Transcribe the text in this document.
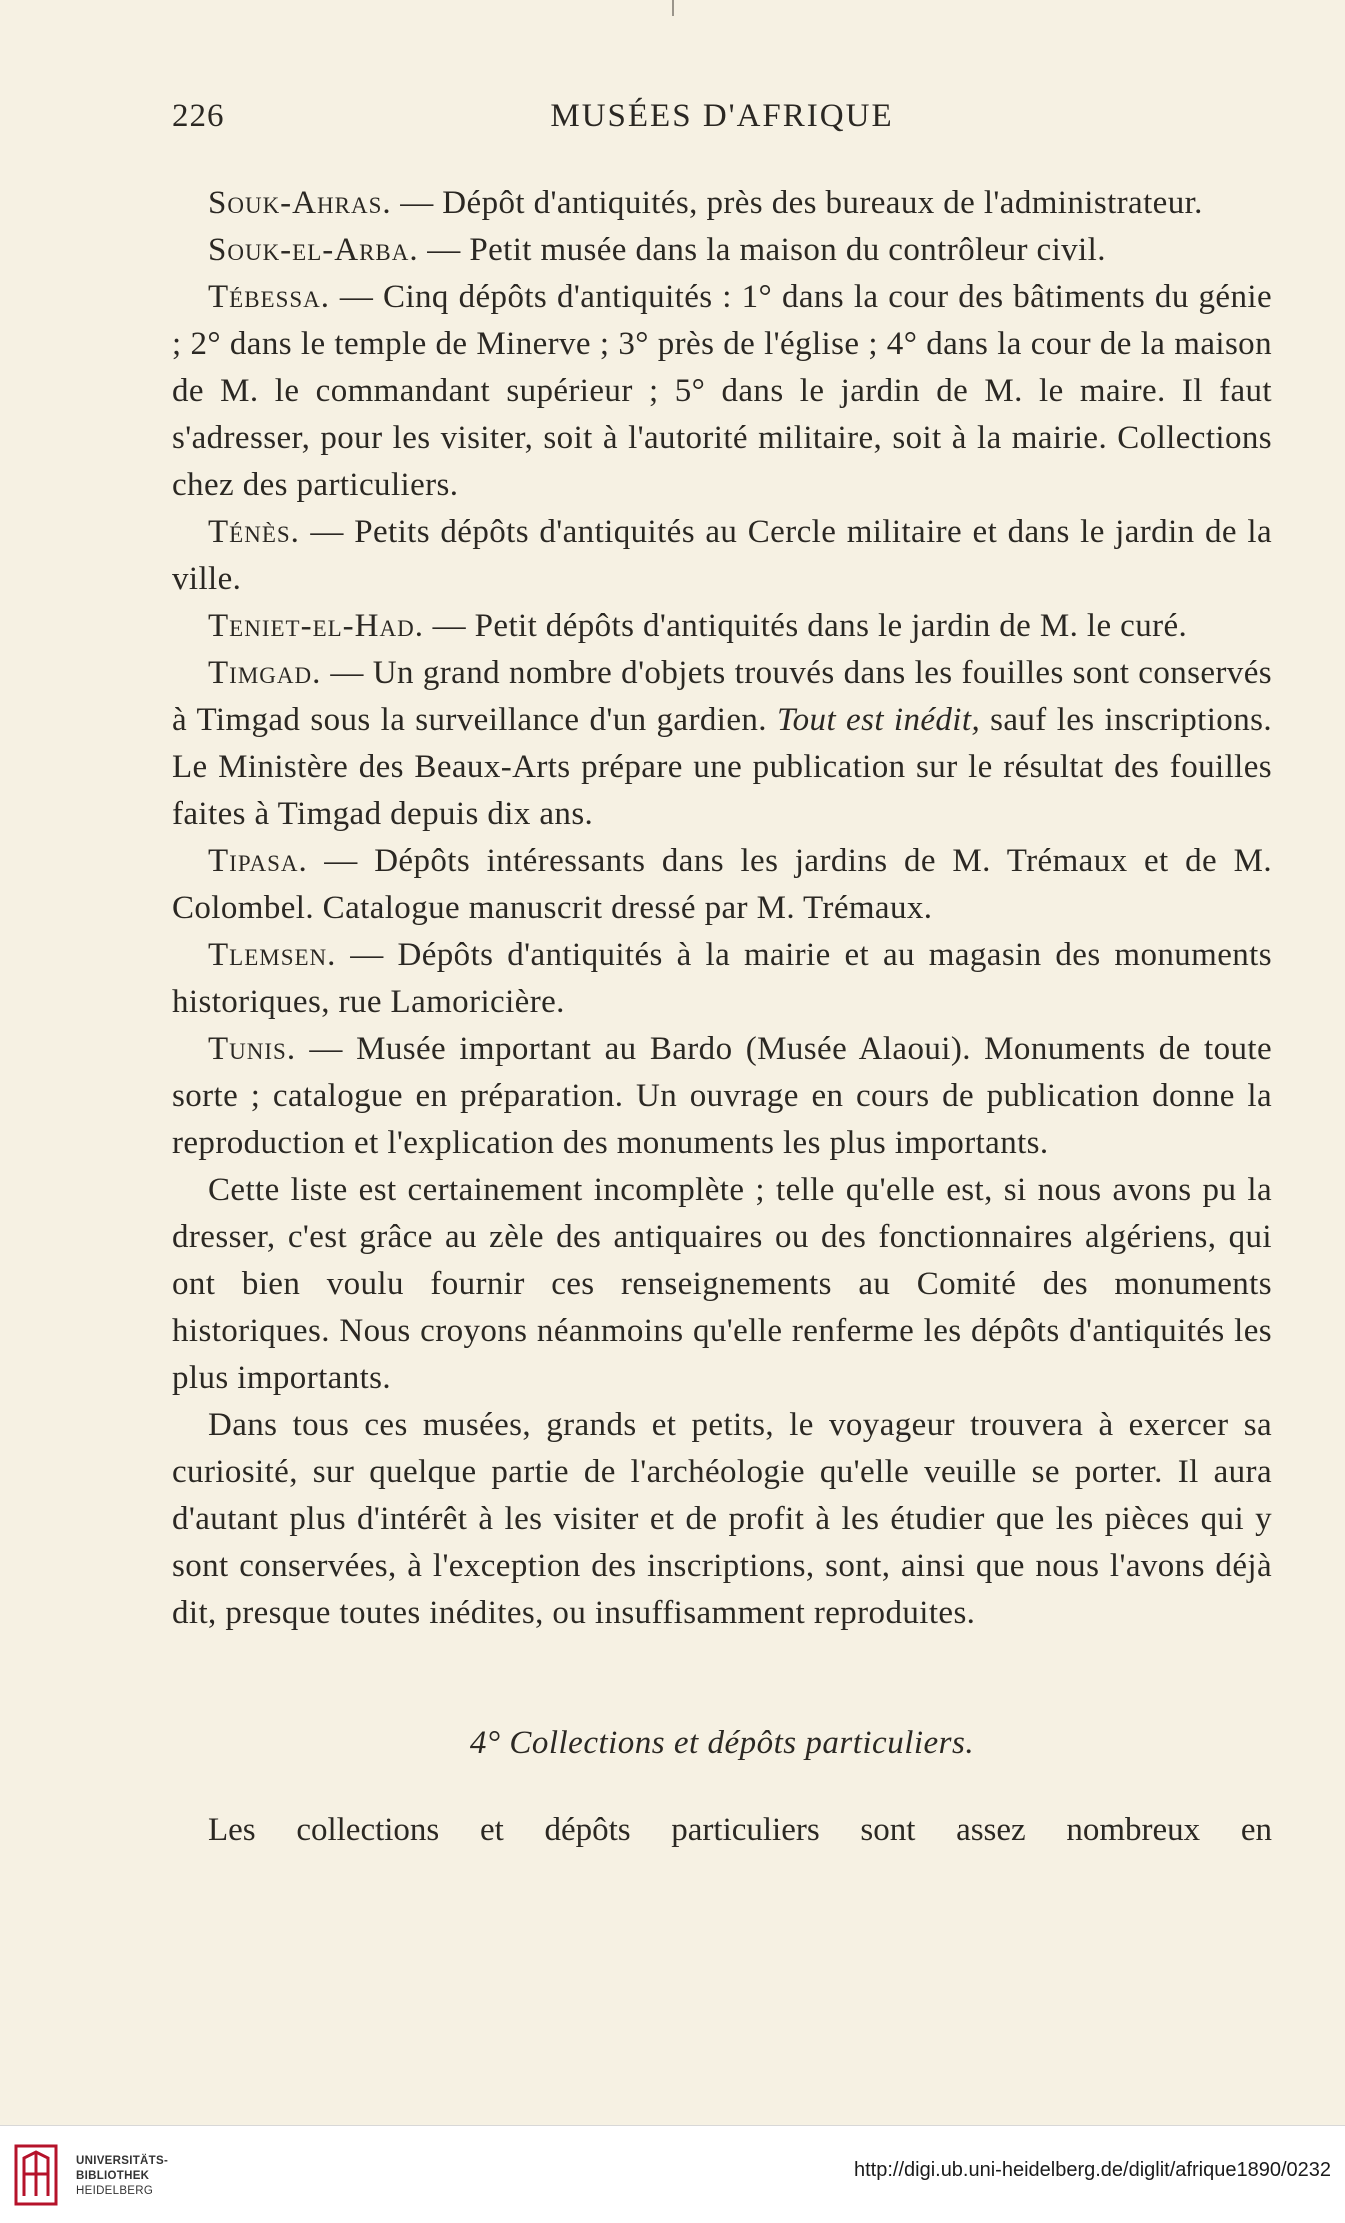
226	MUSÉES D'AFRIQUE

Souk-Ahras. — Dépôt d'antiquités, près des bureaux de l'administrateur.

Souk-el-Arba. — Petit musée dans la maison du contrôleur civil.

Tébessa. — Cinq dépôts d'antiquités : 1° dans la cour des bâtiments du génie ; 2° dans le temple de Minerve ; 3° près de l'église ; 4° dans la cour de la maison de M. le commandant supérieur ; 5° dans le jardin de M. le maire. Il faut s'adresser, pour les visiter, soit à l'autorité militaire, soit à la mairie. Collections chez des particuliers.

Ténès. — Petits dépôts d'antiquités au Cercle militaire et dans le jardin de la ville.

Teniet-el-Had. — Petit dépôts d'antiquités dans le jardin de M. le curé.

Timgad. — Un grand nombre d'objets trouvés dans les fouilles sont conservés à Timgad sous la surveillance d'un gardien. Tout est inédit, sauf les inscriptions. Le Ministère des Beaux-Arts prépare une publication sur le résultat des fouilles faites à Timgad depuis dix ans.

Tipasa. — Dépôts intéressants dans les jardins de M. Trémaux et de M. Colombel. Catalogue manuscrit dressé par M. Trémaux.

Tlemsen. — Dépôts d'antiquités à la mairie et au magasin des monuments historiques, rue Lamoricière.

Tunis. — Musée important au Bardo (Musée Alaoui). Monuments de toute sorte ; catalogue en préparation. Un ouvrage en cours de publication donne la reproduction et l'explication des monuments les plus importants.

Cette liste est certainement incomplète ; telle qu'elle est, si nous avons pu la dresser, c'est grâce au zèle des antiquaires ou des fonctionnaires algériens, qui ont bien voulu fournir ces renseignements au Comité des monuments historiques. Nous croyons néanmoins qu'elle renferme les dépôts d'antiquités les plus importants.

Dans tous ces musées, grands et petits, le voyageur trouvera à exercer sa curiosité, sur quelque partie de l'archéologie qu'elle veuille se porter. Il aura d'autant plus d'intérêt à les visiter et de profit à les étudier que les pièces qui y sont conservées, à l'exception des inscriptions, sont, ainsi que nous l'avons déjà dit, presque toutes inédites, ou insuffisamment reproduites.

4° Collections et dépôts particuliers.

Les collections et dépôts particuliers sont assez nombreux en

UNIVERSITÄTS-
BIBLIOTHEK
HEIDELBERG
http://digi.ub.uni-heidelberg.de/diglit/afrique1890/0232
